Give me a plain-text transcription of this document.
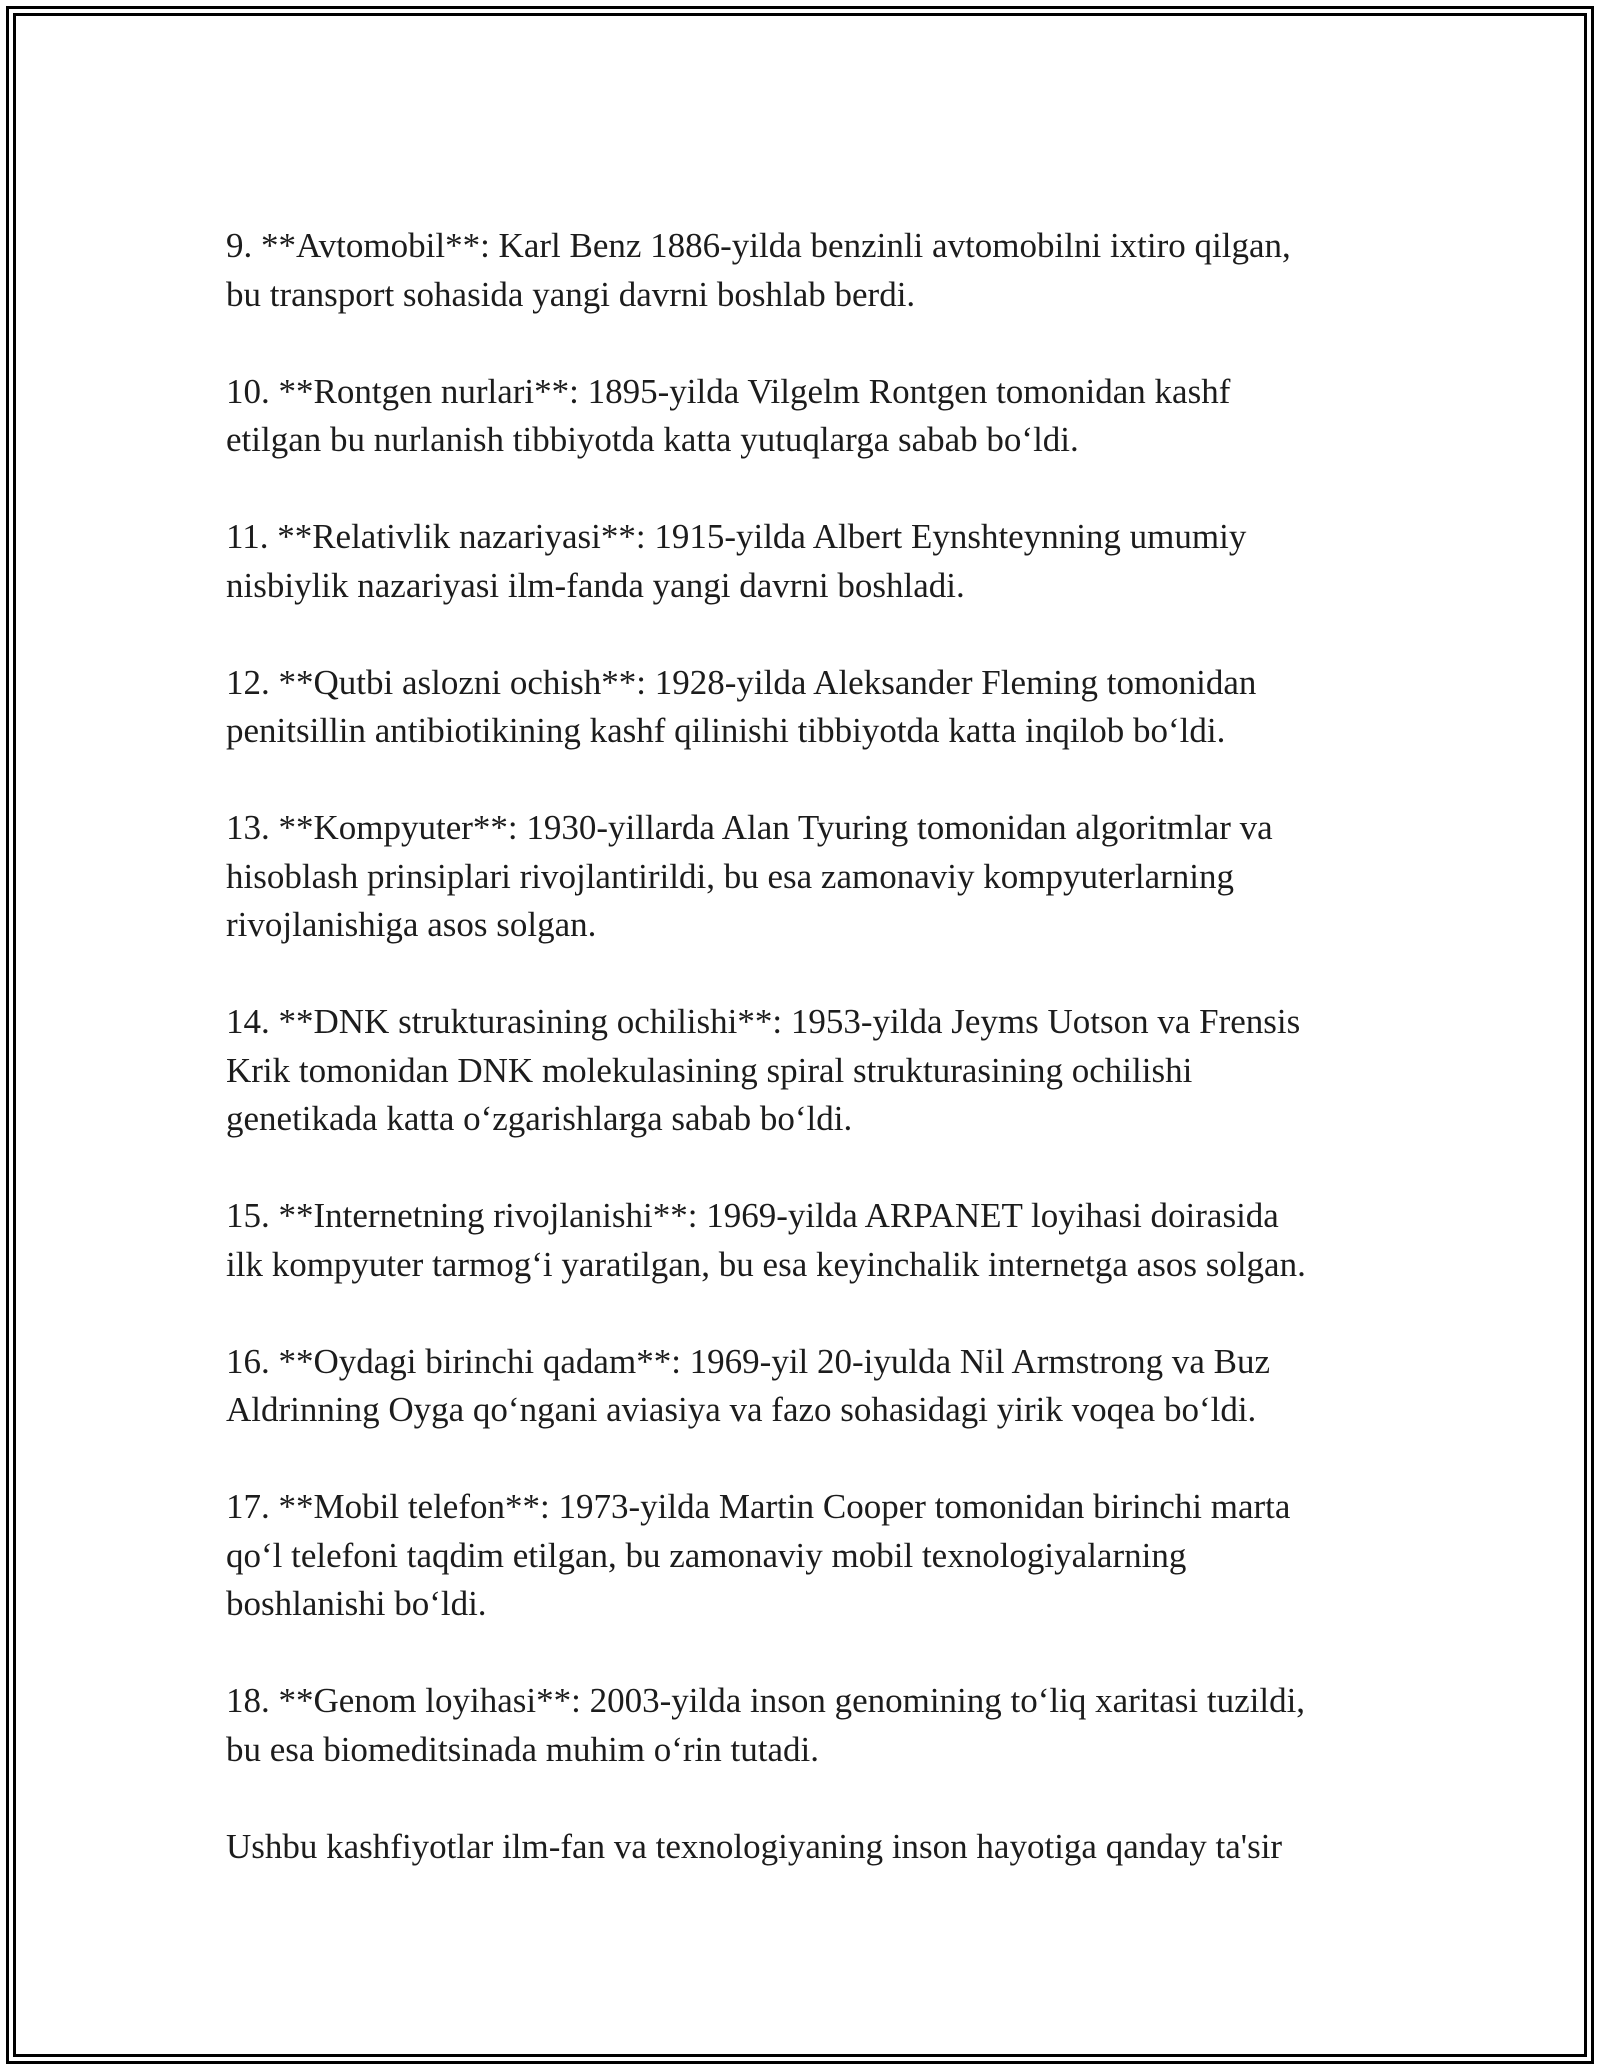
9. **Avtomobil**: Karl Benz 1886-yilda benzinli avtomobilni ixtiro qilgan,
bu transport sohasida yangi davrni boshlab berdi.

10. **Rontgen nurlari**: 1895-yilda Vilgelm Rontgen tomonidan kashf
etilgan bu nurlanish tibbiyotda katta yutuqlarga sabab bo‘ldi.

11. **Relativlik nazariyasi**: 1915-yilda Albert Eynshteynning umumiy
nisbiylik nazariyasi ilm-fanda yangi davrni boshladi.

12. **Qutbi aslozni ochish**: 1928-yilda Aleksander Fleming tomonidan
penitsillin antibiotikining kashf qilinishi tibbiyotda katta inqilob bo‘ldi.

13. **Kompyuter**: 1930-yillarda Alan Tyuring tomonidan algoritmlar va
hisoblash prinsiplari rivojlantirildi, bu esa zamonaviy kompyuterlarning
rivojlanishiga asos solgan.

14. **DNK strukturasining ochilishi**: 1953-yilda Jeyms Uotson va Frensis
Krik tomonidan DNK molekulasining spiral strukturasining ochilishi
genetikada katta o‘zgarishlarga sabab bo‘ldi.

15. **Internetning rivojlanishi**: 1969-yilda ARPANET loyihasi doirasida
ilk kompyuter tarmog‘i yaratilgan, bu esa keyinchalik internetga asos solgan.

16. **Oydagi birinchi qadam**: 1969-yil 20-iyulda Nil Armstrong va Buz
Aldrinning Oyga qo‘ngani aviasiya va fazo sohasidagi yirik voqea bo‘ldi.

17. **Mobil telefon**: 1973-yilda Martin Cooper tomonidan birinchi marta
qo‘l telefoni taqdim etilgan, bu zamonaviy mobil texnologiyalarning
boshlanishi bo‘ldi.

18. **Genom loyihasi**: 2003-yilda inson genomining to‘liq xaritasi tuzildi,
bu esa biomeditsinada muhim o‘rin tutadi.

Ushbu kashfiyotlar ilm-fan va texnologiyaning inson hayotiga qanday ta'sir
